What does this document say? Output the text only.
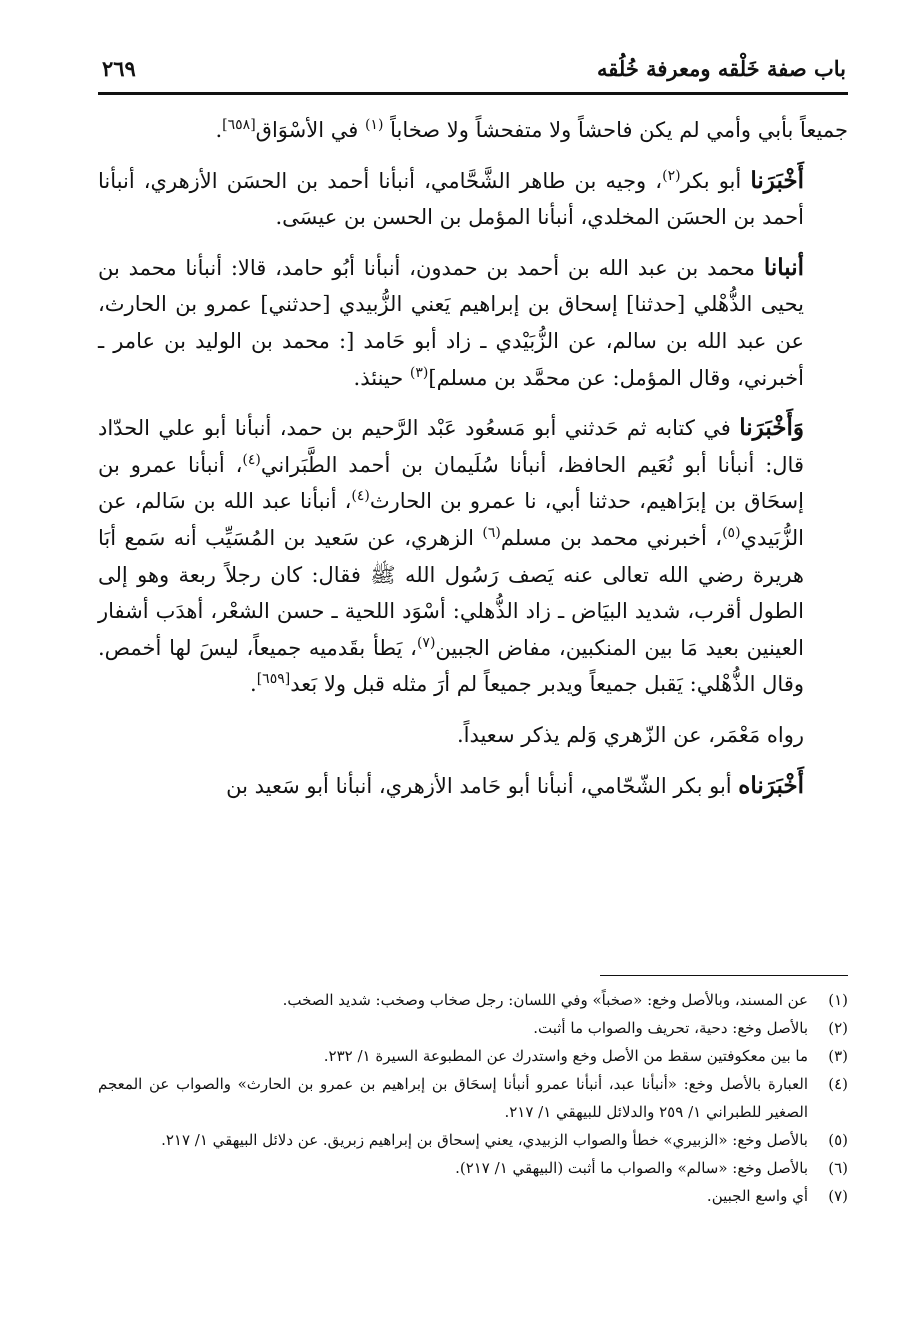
باب صفة خَلْقه ومعرفة خُلُقه
٢٦٩

جميعاً بأبي وأمي لم يكن فاحشاً ولا متفحشاً ولا صخاباً $^{(١)}$ في الأسْوَاق[٦٥٨].

أَخْبَرَنا أبو بكر$^{(٢)}$، وجيه بن طاهر الشَّحَّامي، أنبأنا أحمد بن الحسَن الأزهري، أنبأنا أحمد بن الحسَن المخلدي، أنبأنا المؤمل بن الحسن بن عيسَى.

أنبانا محمد بن عبد الله بن أحمد بن حمدون، أنبأنا أبُو حامد، قالا: أنبأنا محمد بن يحيى الذُّهْلي [حدثنا] إسحاق بن إبراهيم يَعني الزُّبيدي [حدثني] عمرو بن الحارث، عن عبد الله بن سالم، عن الزُّبَيْدي ـ زاد أبو حَامد [: محمد بن الوليد بن عامر ـ أخبرني، وقال المؤمل: عن محمَّد بن مسلم]$^{(٣)}$ حينئذ.

وَأَخْبَرَنا في كتابه ثم حَدثني أبو مَسعُود عَبْد الرَّحيم بن حمد، أنبأنا أبو علي الحدّاد قال: أنبأنا أبو نُعَيم الحافظ، أنبأنا سُلَيمان بن أحمد الطَّبَراني$^{(٤)}$، أنبأنا عمرو بن إسحَاق بن إبرَاهيم، حدثنا أبي، نا عمرو بن الحارث$^{(٤)}$، أنبأنا عبد الله بن سَالم، عن الزُّبَيدي$^{(٥)}$، أخبرني محمد بن مسلم$^{(٦)}$ الزهري، عن سَعيد بن المُسَيِّب أنه سَمع أبَا هريرة رضي الله تعالى عنه يَصف رَسُول الله ﷺ فقال: كان رجلاً ربعة وهو إلى الطول أقرب، شديد البيَاض ـ زاد الذُّهلي: أسْوَد اللحية ـ حسن الشعْر، أهدَب أشفار العينين بعيد مَا بين المنكبين، مفاض الجبين$^{(٧)}$، يَطأ بقَدميه جميعاً، ليسَ لها أخمص. وقال الذُّهْلي: يَقبل جميعاً ويدبر جميعاً لم أرَ مثله قبل ولا بَعد[٦٥٩].

رواه مَعْمَر، عن الزّهري وَلم يذكر سعيداً.

أَخْبَرَناه أبو بكر الشّحّامي، أنبأنا أبو حَامد الأزهري، أنبأنا أبو سَعيد بن

(١)
عن المسند، وبالأصل وخع: «صخباً» وفي اللسان: رجل صخاب وصخب: شديد الصخب.
(٢)
بالأصل وخع: دحية، تحريف والصواب ما أثبت.
(٣)
ما بين معكوفتين سقط من الأصل وخع واستدرك عن المطبوعة السيرة ١/ ٢٣٢.
(٤)
العبارة بالأصل وخع: «أنبأنا عبد، أنبأنا عمرو أنبأنا إسحَاق بن إبراهيم بن عمرو بن الحارث» والصواب عن المعجم الصغير للطبراني ١/ ٢٥٩ والدلائل للبيهقي ١/ ٢١٧.
(٥)
بالأصل وخع: «الزبيري» خطأ والصواب الزبيدي، يعني إسحاق بن إبراهيم زبريق. عن دلائل البيهقي ١/ ٢١٧.
(٦)
بالأصل وخع: «سالم» والصواب ما أثبت (البيهقي ١/ ٢١٧).
(٧)
أي واسع الجبين.
